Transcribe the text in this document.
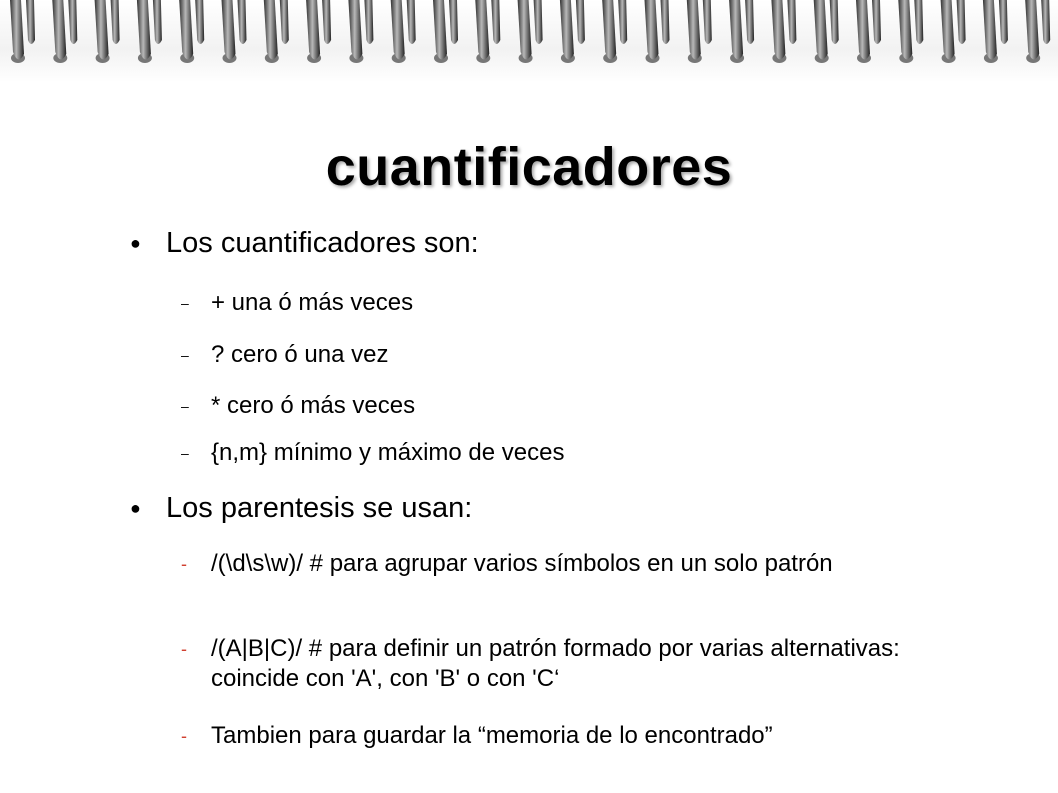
cuantificadores
● Los cuantificadores son:
– + una ó más veces
– ? cero ó una vez
– * cero ó más veces
– {n,m} mínimo y máximo de veces
● Los parentesis se usan:
- /(\d\s\w)/ # para agrupar varios símbolos en un solo patrón
- /(A|B|C)/ # para definir un patrón formado por varias alternativas: coincide con 'A', con 'B' o con 'C‘
- Tambien para guardar la “memoria de lo encontrado”
